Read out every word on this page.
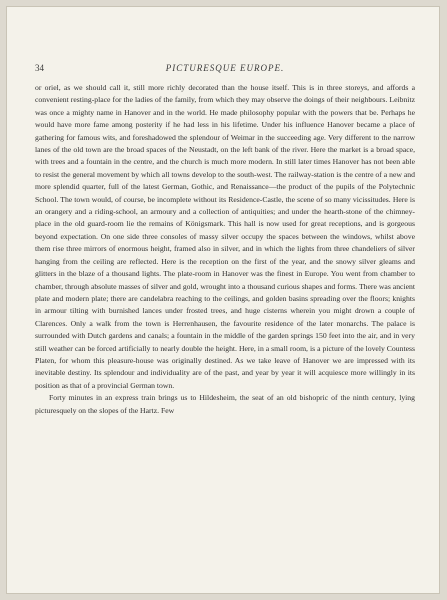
34	PICTURESQUE EUROPE.

or oriel, as we should call it, still more richly decorated than the house itself. This is in three storeys, and affords a convenient resting-place for the ladies of the family, from which they may observe the doings of their neighbours. Leibnitz was once a mighty name in Hanover and in the world. He made philosophy popular with the powers that be. Perhaps he would have more fame among posterity if he had less in his lifetime. Under his influence Hanover became a place of gathering for famous wits, and foreshadowed the splendour of Weimar in the succeeding age. Very different to the narrow lanes of the old town are the broad spaces of the Neustadt, on the left bank of the river. Here the market is a broad space, with trees and a fountain in the centre, and the church is much more modern. In still later times Hanover has not been able to resist the general movement by which all towns develop to the south-west. The railway-station is the centre of a new and more splendid quarter, full of the latest German, Gothic, and Renaissance—the product of the pupils of the Polytechnic School. The town would, of course, be incomplete without its Residence-Castle, the scene of so many vicissitudes. Here is an orangery and a riding-school, an armoury and a collection of antiquities; and under the hearth-stone of the chimney-place in the old guard-room lie the remains of Königsmark. This hall is now used for great receptions, and is gorgeous beyond expectation. On one side three consoles of massy silver occupy the spaces between the windows, whilst above them rise three mirrors of enormous height, framed also in silver, and in which the lights from three chandeliers of silver hanging from the ceiling are reflected. Here is the reception on the first of the year, and the snowy silver gleams and glitters in the blaze of a thousand lights. The plate-room in Hanover was the finest in Europe. You went from chamber to chamber, through absolute masses of silver and gold, wrought into a thousand curious shapes and forms. There was ancient plate and modern plate; there are candelabra reaching to the ceilings, and golden basins spreading over the floors; knights in armour tilting with burnished lances under frosted trees, and huge cisterns wherein you might drown a couple of Clarences. Only a walk from the town is Herrenhausen, the favourite residence of the later monarchs. The palace is surrounded with Dutch gardens and canals; a fountain in the middle of the garden springs 150 feet into the air, and in very still weather can be forced artificially to nearly double the height. Here, in a small room, is a picture of the lovely Countess Platen, for whom this pleasure-house was originally destined. As we take leave of Hanover we are impressed with its inevitable destiny. Its splendour and individuality are of the past, and year by year it will acquiesce more willingly in its position as that of a provincial German town.

Forty minutes in an express train brings us to Hildesheim, the seat of an old bishopric of the ninth century, lying picturesquely on the slopes of the Hartz. Few
